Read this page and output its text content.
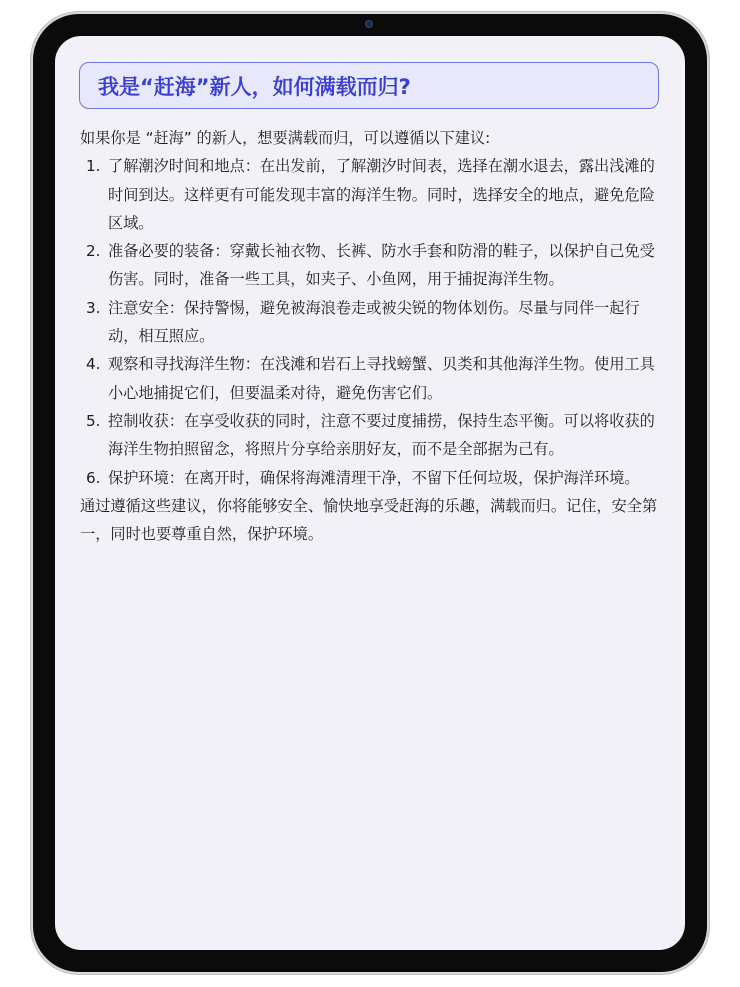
我是“赶海”新人，如何满载而归?

如果你是 “赶海” 的新人，想要满载而归，可以遵循以下建议:

1. 了解潮汐时间和地点：在出发前，了解潮汐时间表，选择在潮水退去，露出浅滩的时间到达。这样更有可能发现丰富的海洋生物。同时，选择安全的地点，避免危险区域。
2. 准备必要的装备：穿戴长袖衣物、长裤、防水手套和防滑的鞋子，以保护自己免受伤害。同时，准备一些工具，如夹子、小鱼网，用于捕捉海洋生物。
3. 注意安全：保持警惕，避免被海浪卷走或被尖锐的物体划伤。尽量与同伴一起行动，相互照应。
4. 观察和寻找海洋生物：在浅滩和岩石上寻找螃蟹、贝类和其他海洋生物。使用工具小心地捕捉它们，但要温柔对待，避免伤害它们。
5. 控制收获：在享受收获的同时，注意不要过度捕捞，保持生态平衡。可以将收获的海洋生物拍照留念，将照片分享给亲朋好友，而不是全部据为己有。
6. 保护环境：在离开时，确保将海滩清理干净，不留下任何垃圾，保护海洋环境。

通过遵循这些建议，你将能够安全、愉快地享受赶海的乐趣，满载而归。记住，安全第一，同时也要尊重自然，保护环境。
